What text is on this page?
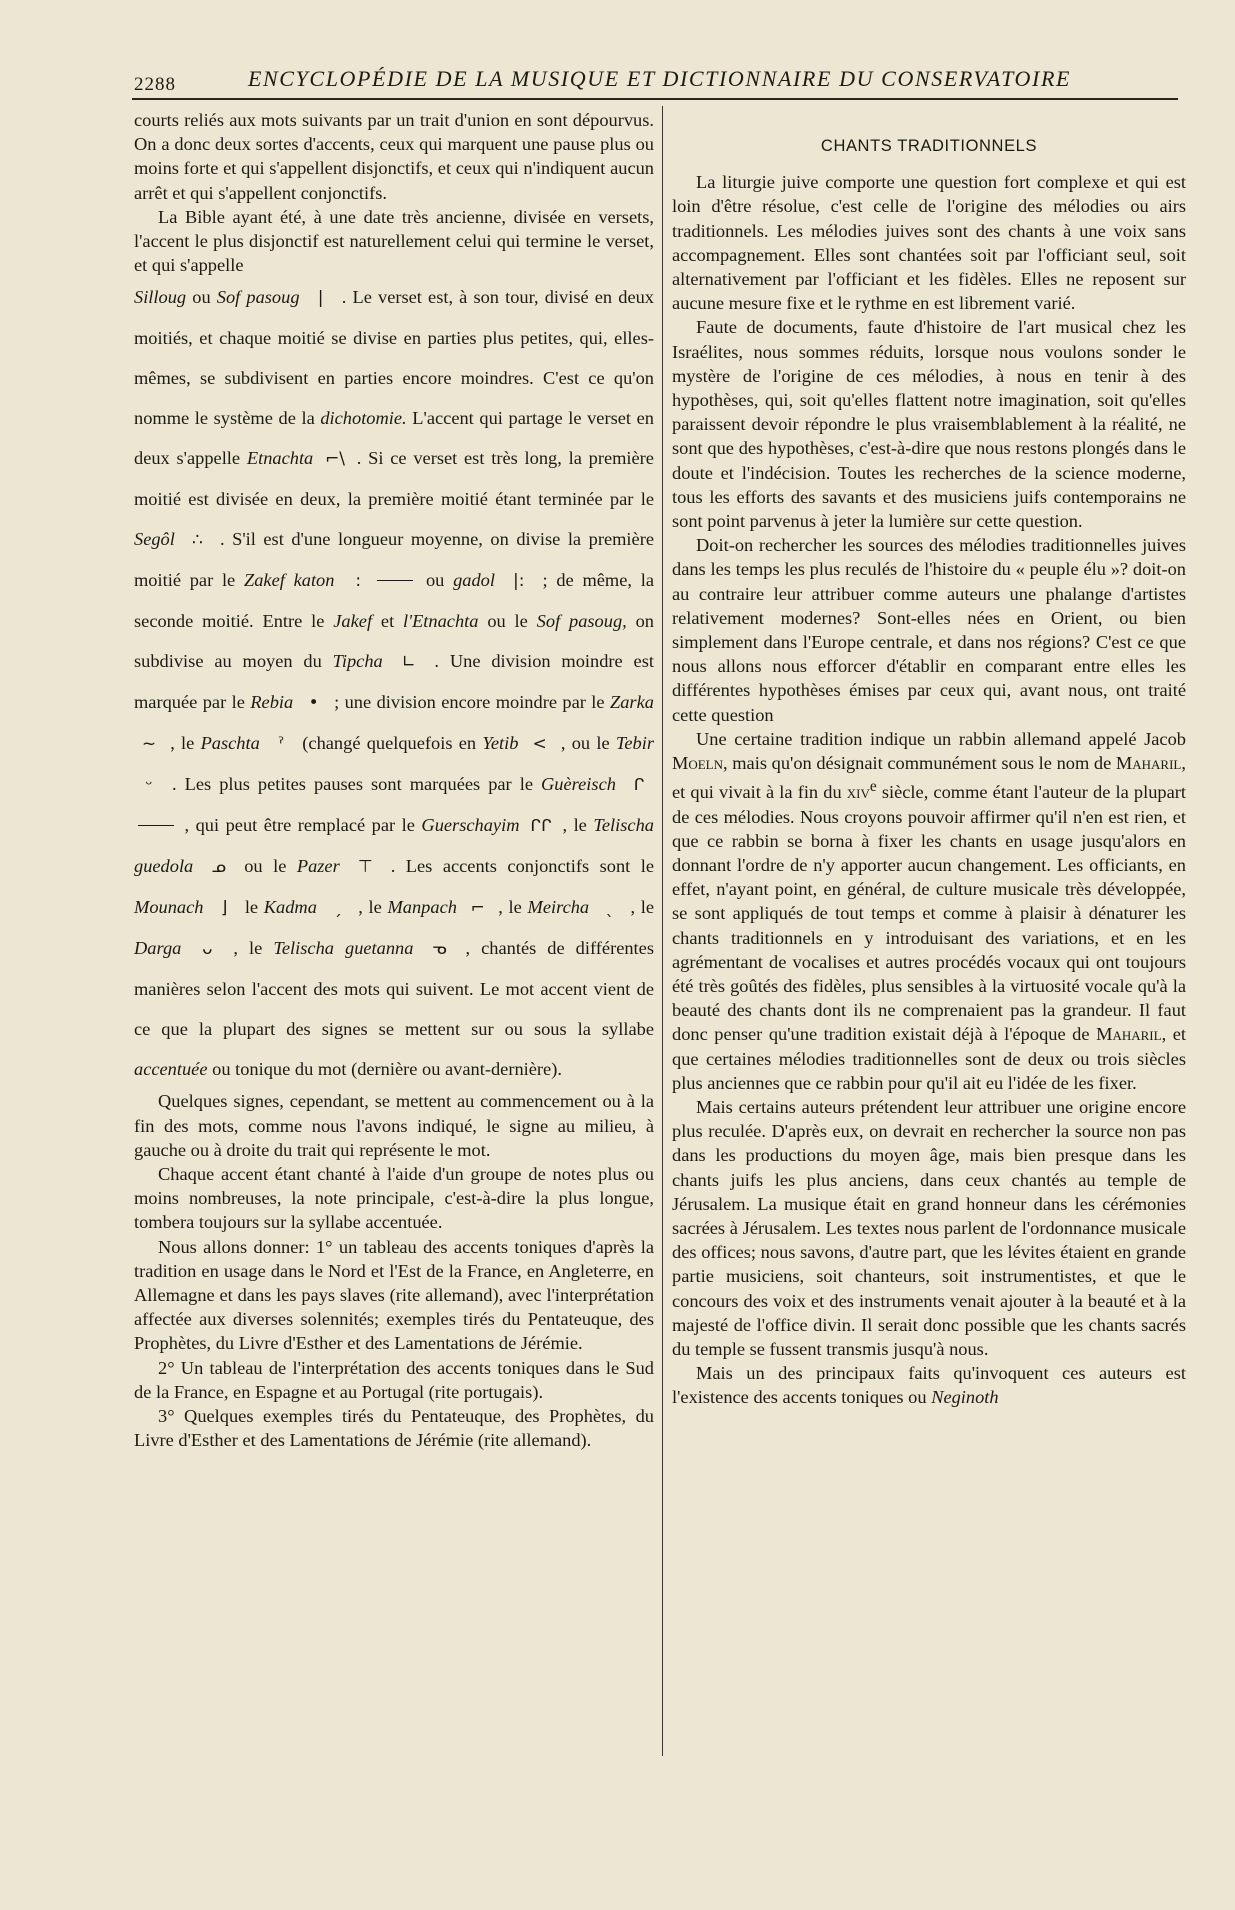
2288	ENCYCLOPÉDIE DE LA MUSIQUE ET DICTIONNAIRE DU CONSERVATOIRE

courts reliés aux mots suivants par un trait d'union en sont dépourvus. On a donc deux sortes d'accents, ceux qui marquent une pause plus ou moins forte et qui s'appellent disjonctifs, et ceux qui n'indiquent aucun arrêt et qui s'appellent conjonctifs.

La Bible ayant été, à une date très ancienne, divisée en versets, l'accent le plus disjonctif est naturellement celui qui termine le verset, et qui s'appelle

Silloug ou Sof pasoug | . Le verset est, à son tour, divisé en deux moitiés, et chaque moitié se divise en parties plus petites, qui, elles-mêmes, se subdivisent en parties encore moindres. C'est ce qu'on nomme le système de la dichotomie. L'accent qui partage le verset en deux s'appelle Etnachta ⌐\ . Si ce verset est très long, la première moitié est divisée en deux, la première moitié étant terminée par le Segôl ∴ . S'il est d'une longueur moyenne, on divise la première moitié par le Zakef katon :	ou gadol |: ; de même, la seconde moitié. Entre le Jakef et l'Etnachta ou le Sof pasoug, on subdivise au moyen du Tipcha ∟ . Une division moindre est marquée par le Rebia • ; une division encore moindre par le Zarka ~ , le Paschta ˀ (changé quelquefois en Yetib < , ou le Tebir ᵕ . Les plus petites pauses sont marquées par le Guèreisch ᒋ , qui peut être remplacé par le Guerschayim ᒋᒋ , le Telischa guedola ᓄ ou le Pazer ⊤ . Les accents conjonctifs sont le Mounach ⌋ le Kadma ˏ , le Manpach ⌐ , le Meircha ˎ , le Darga ᴗ , le Telischa guetanna ᓀ , chantés de différentes manières selon l'accent des mots qui suivent. Le mot accent vient de ce que la plupart des signes se mettent sur ou sous la syllabe accentuée ou tonique du mot (dernière ou avant-dernière).

Quelques signes, cependant, se mettent au commencement ou à la fin des mots, comme nous l'avons indiqué, le signe au milieu, à gauche ou à droite du trait qui représente le mot.

Chaque accent étant chanté à l'aide d'un groupe de notes plus ou moins nombreuses, la note principale, c'est-à-dire la plus longue, tombera toujours sur la syllabe accentuée.

Nous allons donner: 1° un tableau des accents toniques d'après la tradition en usage dans le Nord et l'Est de la France, en Angleterre, en Allemagne et dans les pays slaves (rite allemand), avec l'interprétation affectée aux diverses solennités; exemples tirés du Pentateuque, des Prophètes, du Livre d'Esther et des Lamentations de Jérémie.

2° Un tableau de l'interprétation des accents toniques dans le Sud de la France, en Espagne et au Portugal (rite portugais).

3° Quelques exemples tirés du Pentateuque, des Prophètes, du Livre d'Esther et des Lamentations de Jérémie (rite allemand).

CHANTS TRADITIONNELS

La liturgie juive comporte une question fort complexe et qui est loin d'être résolue, c'est celle de l'origine des mélodies ou airs traditionnels. Les mélodies juives sont des chants à une voix sans accompagnement. Elles sont chantées soit par l'officiant seul, soit alternativement par l'officiant et les fidèles. Elles ne reposent sur aucune mesure fixe et le rythme en est librement varié.

Faute de documents, faute d'histoire de l'art musical chez les Israélites, nous sommes réduits, lorsque nous voulons sonder le mystère de l'origine de ces mélodies, à nous en tenir à des hypothèses, qui, soit qu'elles flattent notre imagination, soit qu'elles paraissent devoir répondre le plus vraisemblablement à la réalité, ne sont que des hypothèses, c'est-à-dire que nous restons plongés dans le doute et l'indécision. Toutes les recherches de la science moderne, tous les efforts des savants et des musiciens juifs contemporains ne sont point parvenus à jeter la lumière sur cette question.

Doit-on rechercher les sources des mélodies traditionnelles juives dans les temps les plus reculés de l'histoire du « peuple élu »? doit-on au contraire leur attribuer comme auteurs une phalange d'artistes relativement modernes? Sont-elles nées en Orient, ou bien simplement dans l'Europe centrale, et dans nos régions? C'est ce que nous allons nous efforcer d'établir en comparant entre elles les différentes hypothèses émises par ceux qui, avant nous, ont traité cette question

Une certaine tradition indique un rabbin allemand appelé Jacob Moeln, mais qu'on désignait communément sous le nom de Maharil, et qui vivait à la fin du xiv$^e$ siècle, comme étant l'auteur de la plupart de ces mélodies. Nous croyons pouvoir affirmer qu'il n'en est rien, et que ce rabbin se borna à fixer les chants en usage jusqu'alors en donnant l'ordre de n'y apporter aucun changement. Les officiants, en effet, n'ayant point, en général, de culture musicale très développée, se sont appliqués de tout temps et comme à plaisir à dénaturer les chants traditionnels en y introduisant des variations, et en les agrémentant de vocalises et autres procédés vocaux qui ont toujours été très goûtés des fidèles, plus sensibles à la virtuosité vocale qu'à la beauté des chants dont ils ne comprenaient pas la grandeur. Il faut donc penser qu'une tradition existait déjà à l'époque de Maharil, et que certaines mélodies traditionnelles sont de deux ou trois siècles plus anciennes que ce rabbin pour qu'il ait eu l'idée de les fixer.

Mais certains auteurs prétendent leur attribuer une origine encore plus reculée. D'après eux, on devrait en rechercher la source non pas dans les productions du moyen âge, mais bien presque dans les chants juifs les plus anciens, dans ceux chantés au temple de Jérusalem. La musique était en grand honneur dans les cérémonies sacrées à Jérusalem. Les textes nous parlent de l'ordonnance musicale des offices; nous savons, d'autre part, que les lévites étaient en grande partie musiciens, soit chanteurs, soit instrumentistes, et que le concours des voix et des instruments venait ajouter à la beauté et à la majesté de l'office divin. Il serait donc possible que les chants sacrés du temple se fussent transmis jusqu'à nous.

Mais un des principaux faits qu'invoquent ces auteurs est l'existence des accents toniques ou Neginoth
